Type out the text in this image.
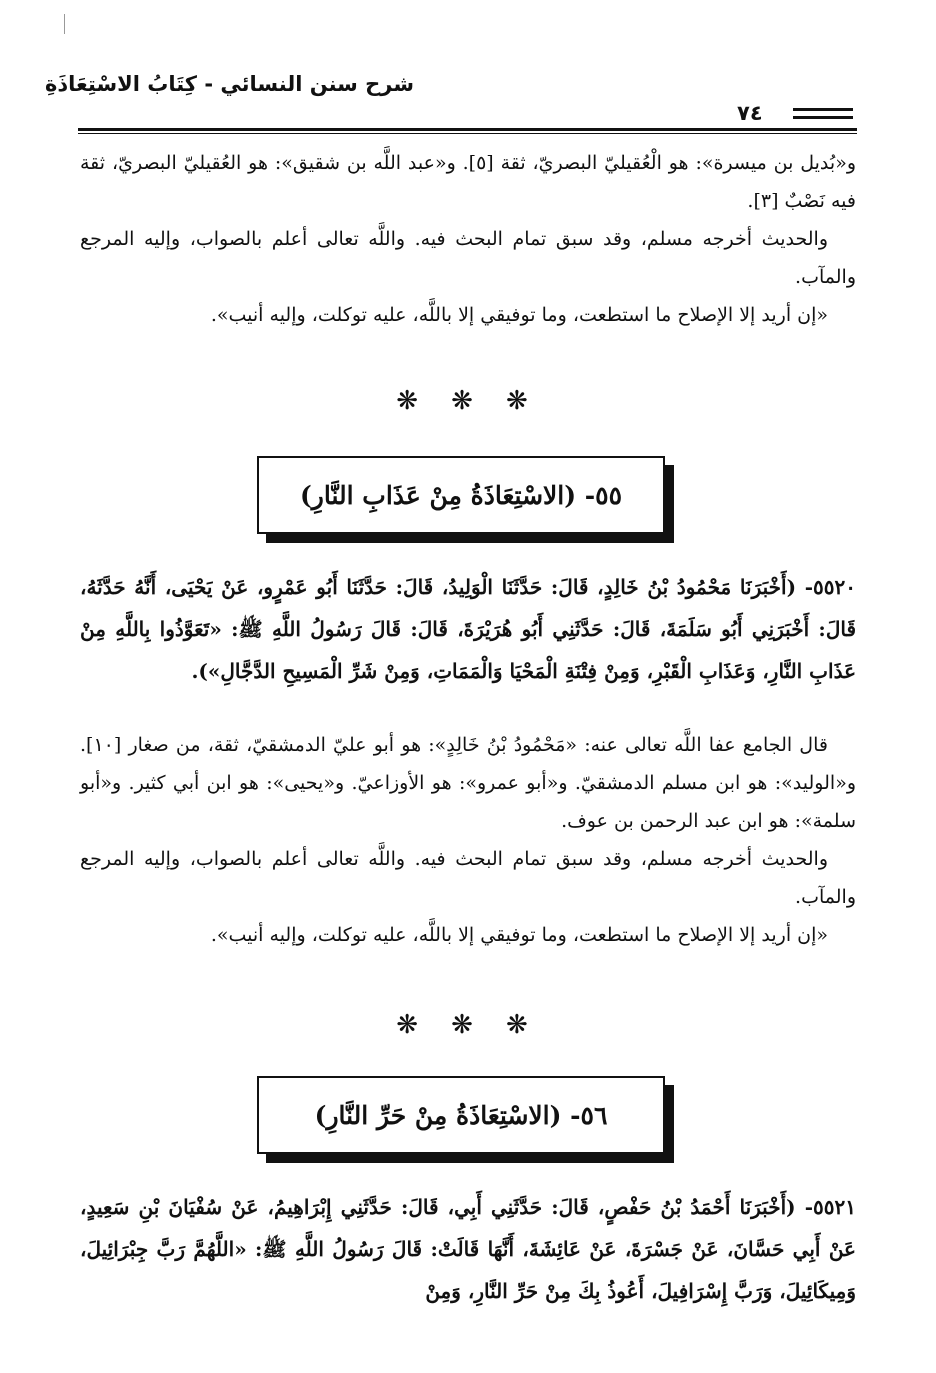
شرح سنن النسائي - كِتَابُ الاسْتِعَاذَةِ
٧٤

و«بُديل بن ميسرة»: هو الْعُقيليّ البصريّ، ثقة [٥]. و«عبد اللَّه بن شقيق»: هو العُقيليّ البصريّ، ثقة فيه نَصْبٌ [٣].

والحديث أخرجه مسلم، وقد سبق تمام البحث فيه. واللَّه تعالى أعلم بالصواب، وإليه المرجع والمآب.

«إن أريد إلا الإصلاح ما استطعت، وما توفيقي إلا باللَّه، عليه توكلت، وإليه أنيب».

❋ ❋ ❋
٥٥- (الاسْتِعَاذَةُ مِنْ عَذَابِ النَّارِ)

٥٥٢٠- (أَخْبَرَنَا مَحْمُودُ بْنُ خَالِدٍ، قَالَ: حَدَّثَنَا الْوَلِيدُ، قَالَ: حَدَّثَنَا أَبُو عَمْرٍو، عَنْ يَحْيَى، أَنَّهُ حَدَّثَهُ، قَالَ: أَخْبَرَنِي أَبُو سَلَمَةَ، قَالَ: حَدَّثَنِي أَبُو هُرَيْرَةَ، قَالَ: قَالَ رَسُولُ اللَّهِ ﷺ: «تَعَوَّذُوا بِاللَّهِ مِنْ عَذَابِ النَّارِ، وَعَذَابِ الْقَبْرِ، وَمِنْ فِتْنَةِ الْمَحْيَا وَالْمَمَاتِ، وَمِنْ شَرِّ الْمَسِيحِ الدَّجَّالِ»).

قال الجامع عفا اللَّه تعالى عنه: «مَحْمُودُ بْنُ خَالِدٍ»: هو أبو عليّ الدمشقيّ، ثقة، من صغار [١٠]. و«الوليد»: هو ابن مسلم الدمشقيّ. و«أبو عمرو»: هو الأوزاعيّ. و«يحيى»: هو ابن أبي كثير. و«أبو سلمة»: هو ابن عبد الرحمن بن عوف.

والحديث أخرجه مسلم، وقد سبق تمام البحث فيه. واللَّه تعالى أعلم بالصواب، وإليه المرجع والمآب.

«إن أريد إلا الإصلاح ما استطعت، وما توفيقي إلا باللَّه، عليه توكلت، وإليه أنيب».

❋ ❋ ❋
٥٦- (الاسْتِعَاذَةُ مِنْ حَرِّ النَّارِ)

٥٥٢١- (أَخْبَرَنَا أَحْمَدُ بْنُ حَفْصٍ، قَالَ: حَدَّثَنِي أَبِي، قَالَ: حَدَّثَنِي إِبْرَاهِيمُ، عَنْ سُفْيَانَ بْنِ سَعِيدٍ، عَنْ أَبِي حَسَّانَ، عَنْ جَسْرَةَ، عَنْ عَائِشَةَ، أَنَّهَا قَالَتْ: قَالَ رَسُولُ اللَّهِ ﷺ: «اللَّهُمَّ رَبَّ جِبْرَائِيلَ، وَمِيكَائِيلَ، وَرَبَّ إِسْرَافِيلَ، أَعُوذُ بِكَ مِنْ حَرِّ النَّارِ، وَمِنْ
